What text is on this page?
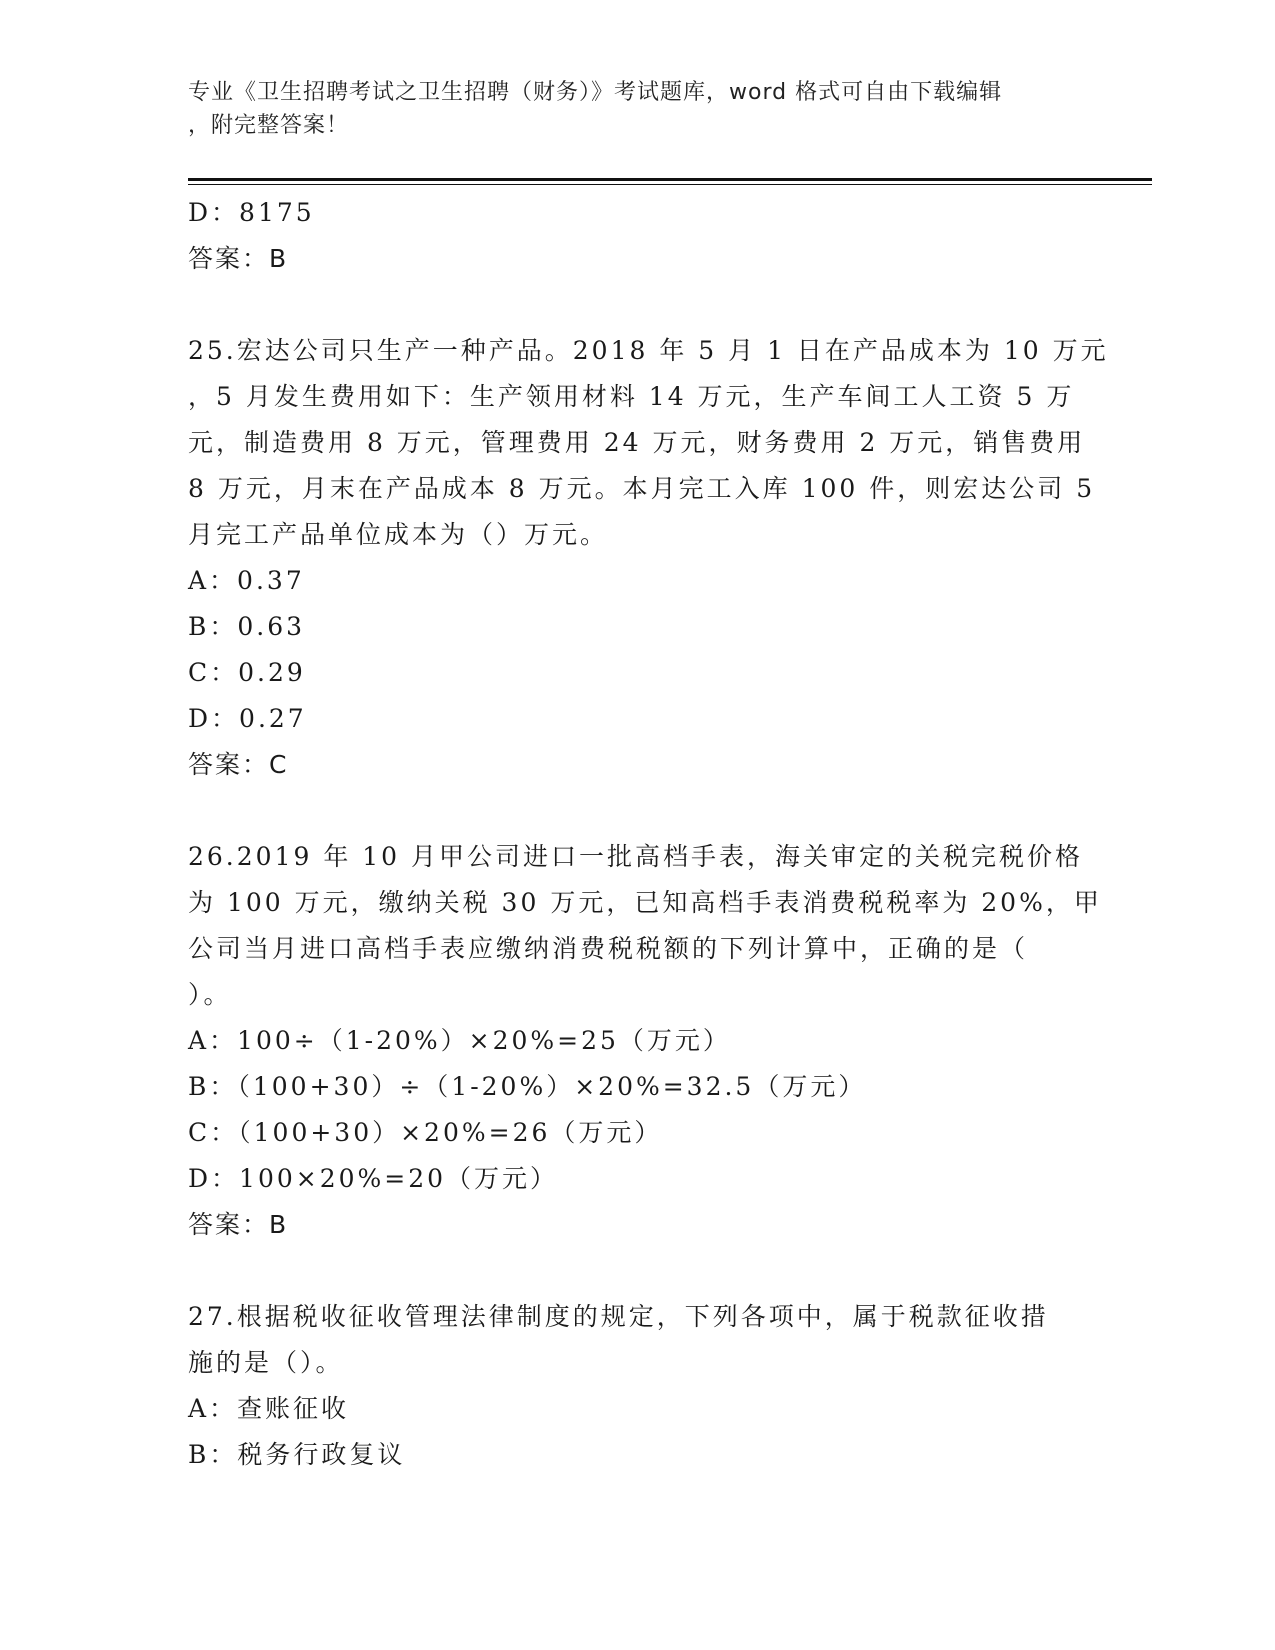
专业《卫生招聘考试之卫生招聘（财务）》考试题库，word 格式可自由下载编辑
，附完整答案！
D：8175
答案：B
25.宏达公司只生产一种产品。2018 年 5 月 1 日在产品成本为 10 万元
，5 月发生费用如下：生产领用材料 14 万元，生产车间工人工资 5 万
元，制造费用 8 万元，管理费用 24 万元，财务费用 2 万元，销售费用
8 万元，月末在产品成本 8 万元。本月完工入库 100 件，则宏达公司 5
月完工产品单位成本为（）万元。
A：0.37
B：0.63
C：0.29
D：0.27
答案：C
26.2019 年 10 月甲公司进口一批高档手表，海关审定的关税完税价格
为 100 万元，缴纳关税 30 万元，已知高档手表消费税税率为 20%，甲
公司当月进口高档手表应缴纳消费税税额的下列计算中，正确的是（
）。
A：100÷（1-20%）×20%=25（万元）
B：（100+30）÷（1-20%）×20%=32.5（万元）
C：（100+30）×20%=26（万元）
D：100×20%=20（万元）
答案：B
27.根据税收征收管理法律制度的规定，下列各项中，属于税款征收措
施的是（）。
A：查账征收
B：税务行政复议
